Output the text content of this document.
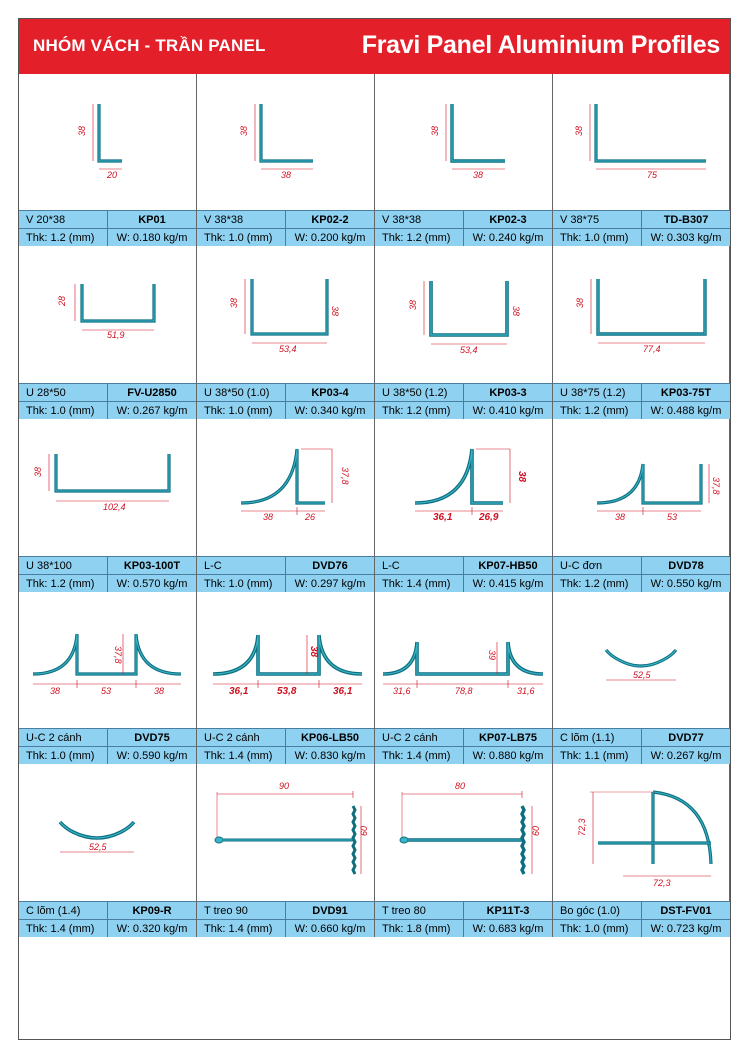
NHÓM VÁCH - TRẦN PANEL	Fravi Panel Aluminium Profiles
38
20
V 20*38	KP01
Thk: 1.2 (mm)	W: 0.180 kg/m
38
38
V 38*38	KP02-2
Thk: 1.0 (mm)	W: 0.200 kg/m
38
38
V 38*38	KP02-3
Thk: 1.2 (mm)	W: 0.240 kg/m
38
75
V 38*75	TD-B307
Thk: 1.0 (mm)	W: 0.303 kg/m
28
51,9
U 28*50	FV-U2850
Thk: 1.0 (mm)	W: 0.267 kg/m
38
38
53,4
U 38*50 (1.0)	KP03-4
Thk: 1.0 (mm)	W: 0.340 kg/m
38
38
53,4
U 38*50 (1.2)	KP03-3
Thk: 1.2 (mm)	W: 0.410 kg/m
38
77,4
U 38*75 (1.2)	KP03-75T
Thk: 1.2 (mm)	W: 0.488 kg/m
38
102,4
U 38*100	KP03-100T
Thk: 1.2 (mm)	W: 0.570 kg/m
37,8
38	26
L-C	DVD76
Thk: 1.0 (mm)	W: 0.297 kg/m
38
36,1	26,9
L-C	KP07-HB50
Thk: 1.4 (mm)	W: 0.415 kg/m
37,8
38	53
U-C đơn	DVD78
Thk: 1.2 (mm)	W: 0.550 kg/m
37,8
38	53	38
U-C 2 cánh	DVD75
Thk: 1.0 (mm)	W: 0.590 kg/m
38
36,1	53,8	36,1
U-C 2 cánh	KP06-LB50
Thk: 1.4 (mm)	W: 0.830 kg/m
39
31,6	78,8	31,6
U-C 2 cánh	KP07-LB75
Thk: 1.4 (mm)	W: 0.880 kg/m
52,5
C lõm (1.1)	DVD77
Thk: 1.1 (mm)	W: 0.267 kg/m
52,5
C lõm (1.4)	KP09-R
Thk: 1.4 (mm)	W: 0.320 kg/m
90
60
T treo 90	DVD91
Thk: 1.4 (mm)	W: 0.660 kg/m
80
60
T treo 80	KP11T-3
Thk: 1.8 (mm)	W: 0.683 kg/m
72,3
72,3
Bo góc (1.0)	DST-FV01
Thk: 1.0 (mm)	W: 0.723 kg/m
